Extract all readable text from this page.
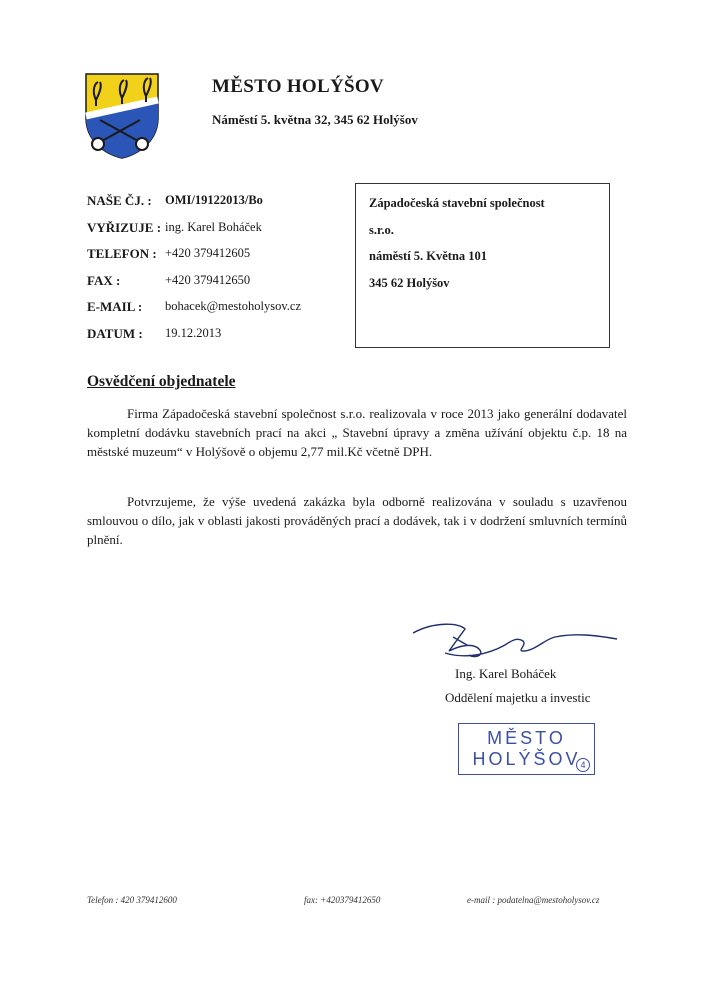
MĚSTO HOLÝŠOV
Náměstí 5. května 32, 345 62 Holýšov
NAŠE ČJ. :	OMI/19122013/Bo
VYŘIZUJE : ing. Karel Boháček
TELEFON : +420 379412605
FAX :	+420 379412650
E-MAIL :	bohacek@mestoholysov.cz
DATUM :	19.12.2013
Západočeská stavební společnost
s.r.o.
náměstí 5. Května 101
345 62 Holýšov
Osvědčení objednatele
Firma Západočeská stavební společnost s.r.o. realizovala v roce 2013 jako generální dodavatel kompletní dodávku stavebních prací na akci „ Stavební úpravy a změna užívání objektu č.p. 18 na městské muzeum“ v Holýšově o objemu 2,77 mil.Kč včetně DPH.
Potvrzujeme, že výše uvedená zakázka byla odborně realizována v souladu s uzavřenou smlouvou o dílo, jak v oblasti jakosti prováděných prací a dodávek, tak i v dodržení smluvních termínů plnění.
Ing. Karel Boháček
Oddělení majetku a investic
MĚSTO
HOLÝŠOV 4
Telefon : 420 379412600	fax: +420379412650	e-mail : podatelna@mestoholysov.cz
